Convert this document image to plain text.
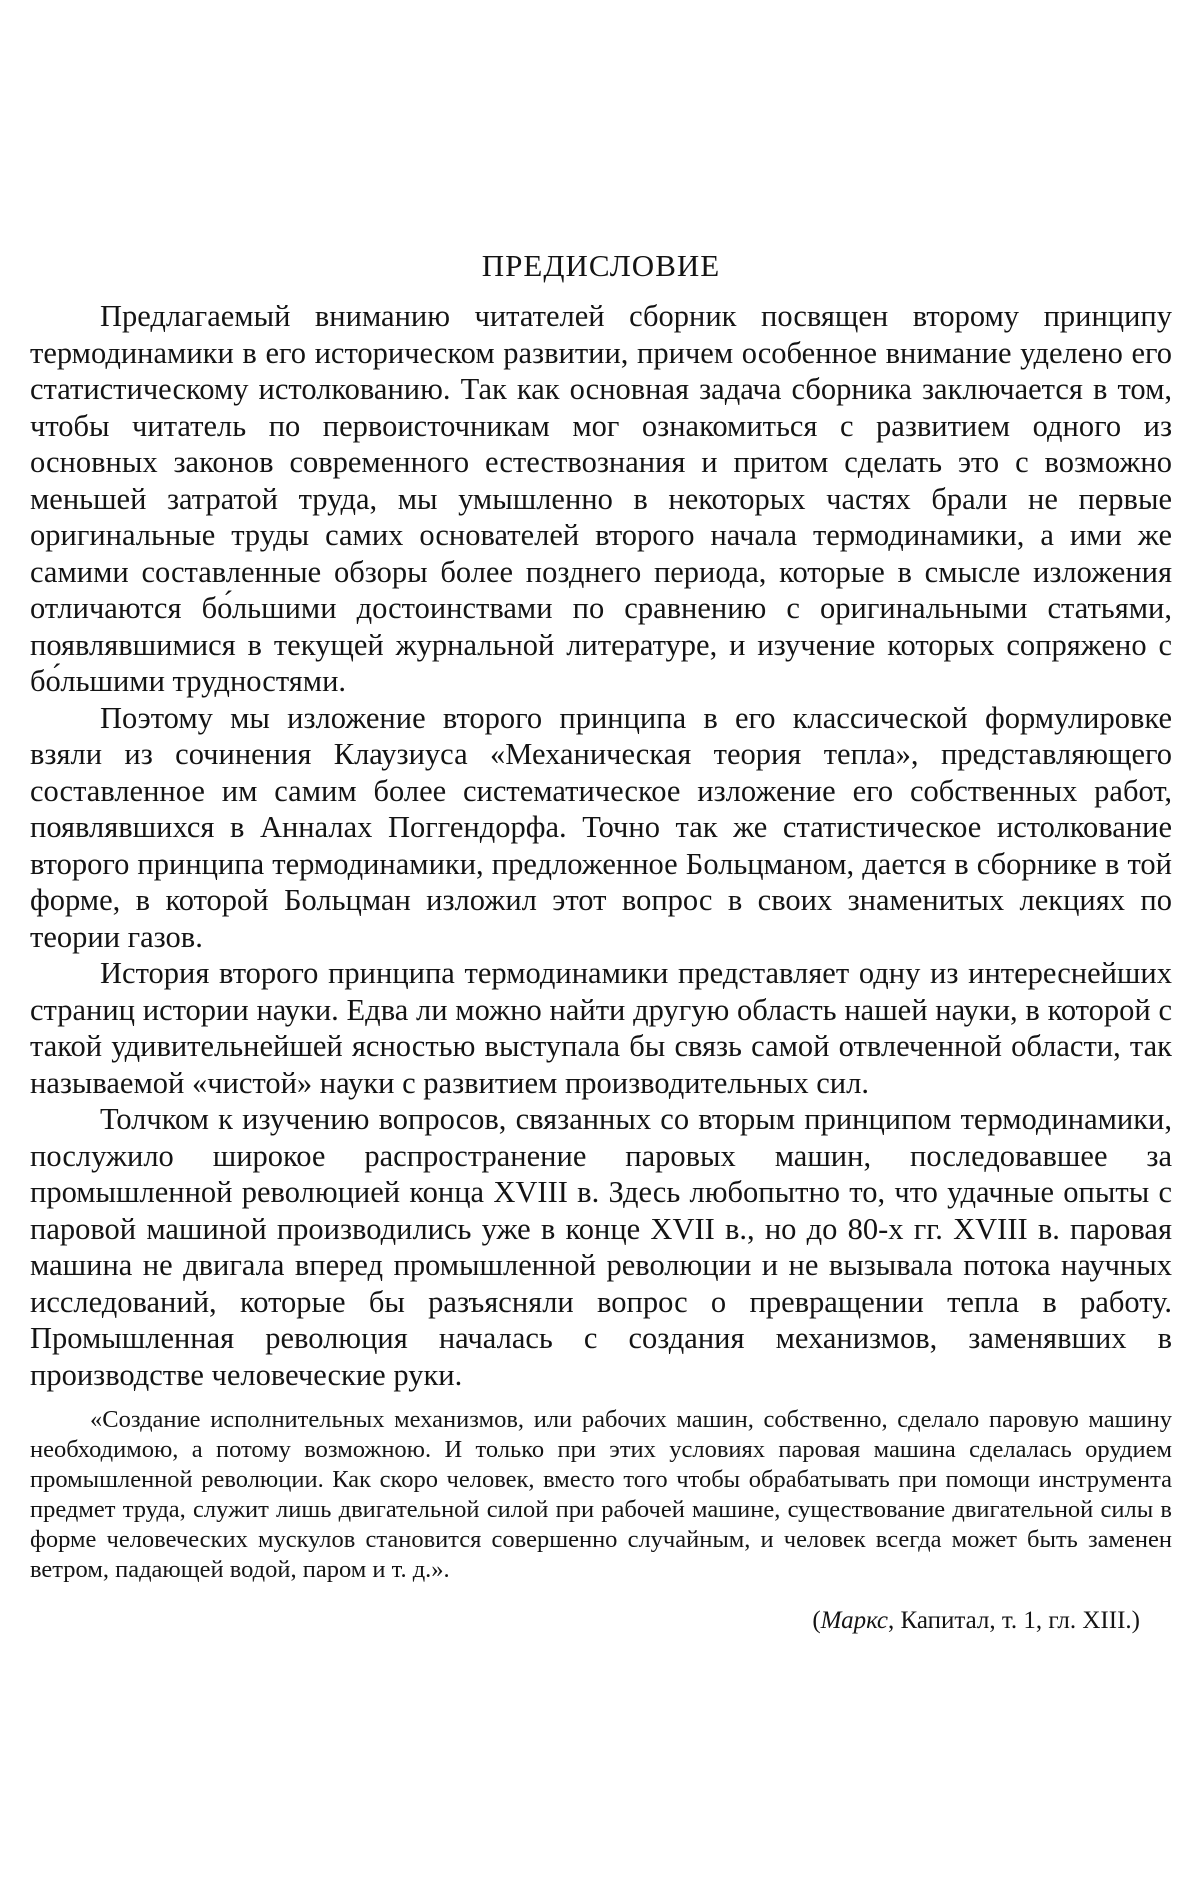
ПРЕДИСЛОВИЕ

Предлагаемый вниманию читателей сборник посвящен второму принципу термодинамики в его историческом развитии, причем особенное внимание уделено его статистическому истолкованию. Так как основная задача сборника заключается в том, чтобы читатель по первоисточникам мог ознакомиться с развитием одного из основных законов современного естествознания и притом сделать это с возможно меньшей затратой труда, мы умышленно в некоторых частях брали не первые оригинальные труды самих основателей второго начала термодинамики, а ими же самими составленные обзоры более позднего периода, которые в смысле изложения отличаются бо́льшими достоинствами по сравнению с оригинальными статьями, появлявшимися в текущей журнальной литературе, и изучение которых сопряжено с бо́льшими трудностями.

Поэтому мы изложение второго принципа в его классической формулировке взяли из сочинения Клаузиуса «Механическая теория тепла», представляющего составленное им самим более систематическое изложение его собственных работ, появлявшихся в Анналах Поггендорфа. Точно так же статистическое истолкование второго принципа термодинамики, предложенное Больцманом, дается в сборнике в той форме, в которой Больцман изложил этот вопрос в своих знаменитых лекциях по теории газов.

История второго принципа термодинамики представляет одну из интереснейших страниц истории науки. Едва ли можно найти другую область нашей науки, в которой с такой удивительнейшей ясностью выступала бы связь самой отвлеченной области, так называемой «чистой» науки с развитием производительных сил.

Толчком к изучению вопросов, связанных со вторым принципом термодинамики, послужило широкое распространение паровых машин, последовавшее за промышленной революцией конца XVIII в. Здесь любопытно то, что удачные опыты с паровой машиной производились уже в конце XVII в., но до 80-х гг. XVIII в. паровая машина не двигала вперед промышленной революции и не вызывала потока научных исследований, которые бы разъясняли вопрос о превращении тепла в работу. Промышленная революция началась с создания механизмов, заменявших в производстве человеческие руки.

«Создание исполнительных механизмов, или рабочих машин, собственно, сделало паровую машину необходимою, а потому возможною. И только при этих условиях паровая машина сделалась орудием промышленной революции. Как скоро человек, вместо того чтобы обрабатывать при помощи инструмента предмет труда, служит лишь двигательной силой при рабочей машине, существование двигательной силы в форме человеческих мускулов становится совершенно случайным, и человек всегда может быть заменен ветром, падающей водой, паром и т. д.».

(Маркс, Капитал, т. 1, гл. XIII.)
